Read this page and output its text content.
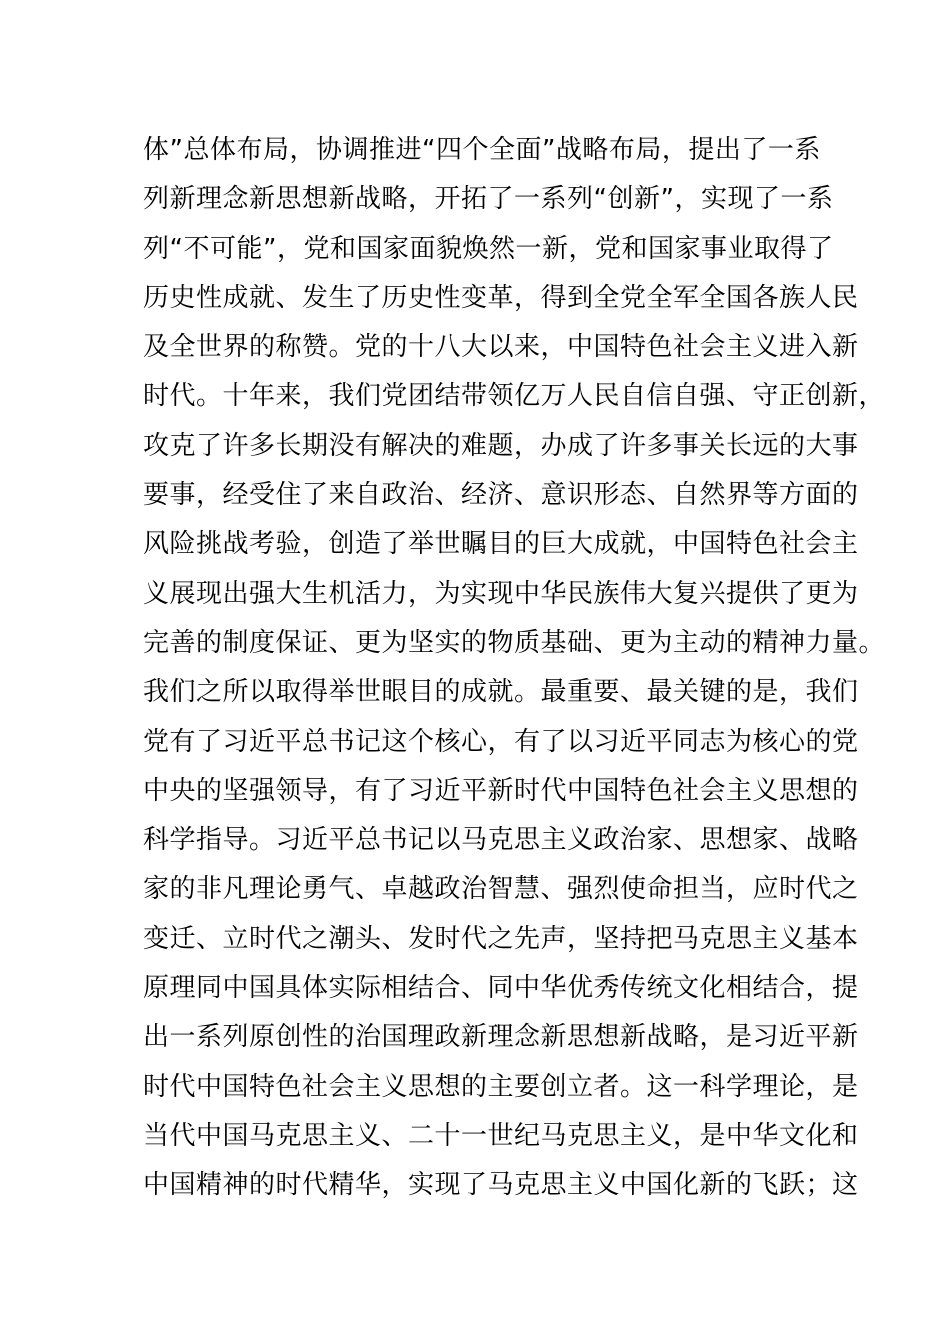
体”总体布局，协调推进“四个全面”战略布局，提出了一系
列新理念新思想新战略，开拓了一系列“创新”，实现了一系
列“不可能”，党和国家面貌焕然一新，党和国家事业取得了
历史性成就、发生了历史性变革，得到全党全军全国各族人民
及全世界的称赞。党的十八大以来，中国特色社会主义进入新
时代。十年来，我们党团结带领亿万人民自信自强、守正创新，
攻克了许多长期没有解决的难题，办成了许多事关长远的大事
要事，经受住了来自政治、经济、意识形态、自然界等方面的
风险挑战考验，创造了举世瞩目的巨大成就，中国特色社会主
义展现出强大生机活力，为实现中华民族伟大复兴提供了更为
完善的制度保证、更为坚实的物质基础、更为主动的精神力量。
我们之所以取得举世眼目的成就。最重要、最关键的是，我们
党有了习近平总书记这个核心，有了以习近平同志为核心的党
中央的坚强领导，有了习近平新时代中国特色社会主义思想的
科学指导。习近平总书记以马克思主义政治家、思想家、战略
家的非凡理论勇气、卓越政治智慧、强烈使命担当，应时代之
变迁、立时代之潮头、发时代之先声，坚持把马克思主义基本
原理同中国具体实际相结合、同中华优秀传统文化相结合，提
出一系列原创性的治国理政新理念新思想新战略，是习近平新
时代中国特色社会主义思想的主要创立者。这一科学理论，是
当代中国马克思主义、二十一世纪马克思主义，是中华文化和
中国精神的时代精华，实现了马克思主义中国化新的飞跃；这
